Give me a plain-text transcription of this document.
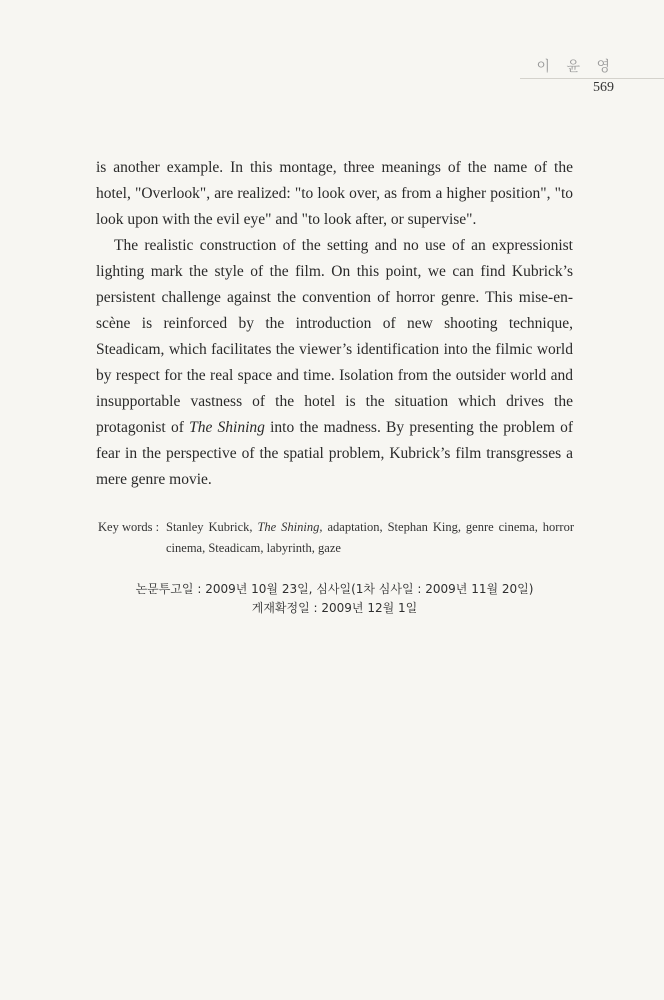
이 윤 영
569

is another example. In this montage, three meanings of the name of the hotel, "Overlook", are realized: "to look over, as from a higher position", "to look upon with the evil eye" and "to look after, or supervise".

The realistic construction of the setting and no use of an expressionist lighting mark the style of the film. On this point, we can find Kubrick’s persistent challenge against the convention of horror genre. This mise-en-scène is reinforced by the introduction of new shooting technique, Steadicam, which facilitates the viewer’s identification into the filmic world by respect for the real space and time. Isolation from the outsider world and insupportable vastness of the hotel is the situation which drives the protagonist of The Shining into the madness. By presenting the problem of fear in the perspective of the spatial problem, Kubrick’s film transgresses a mere genre movie.

Key words : Stanley Kubrick, The Shining, adaptation, Stephan King, genre cinema, horror cinema, Steadicam, labyrinth, gaze
논문투고일 : 2009년 10월 23일, 심사일(1차 심사일 : 2009년 11월 20일)
게재확정일 : 2009년 12월 1일
